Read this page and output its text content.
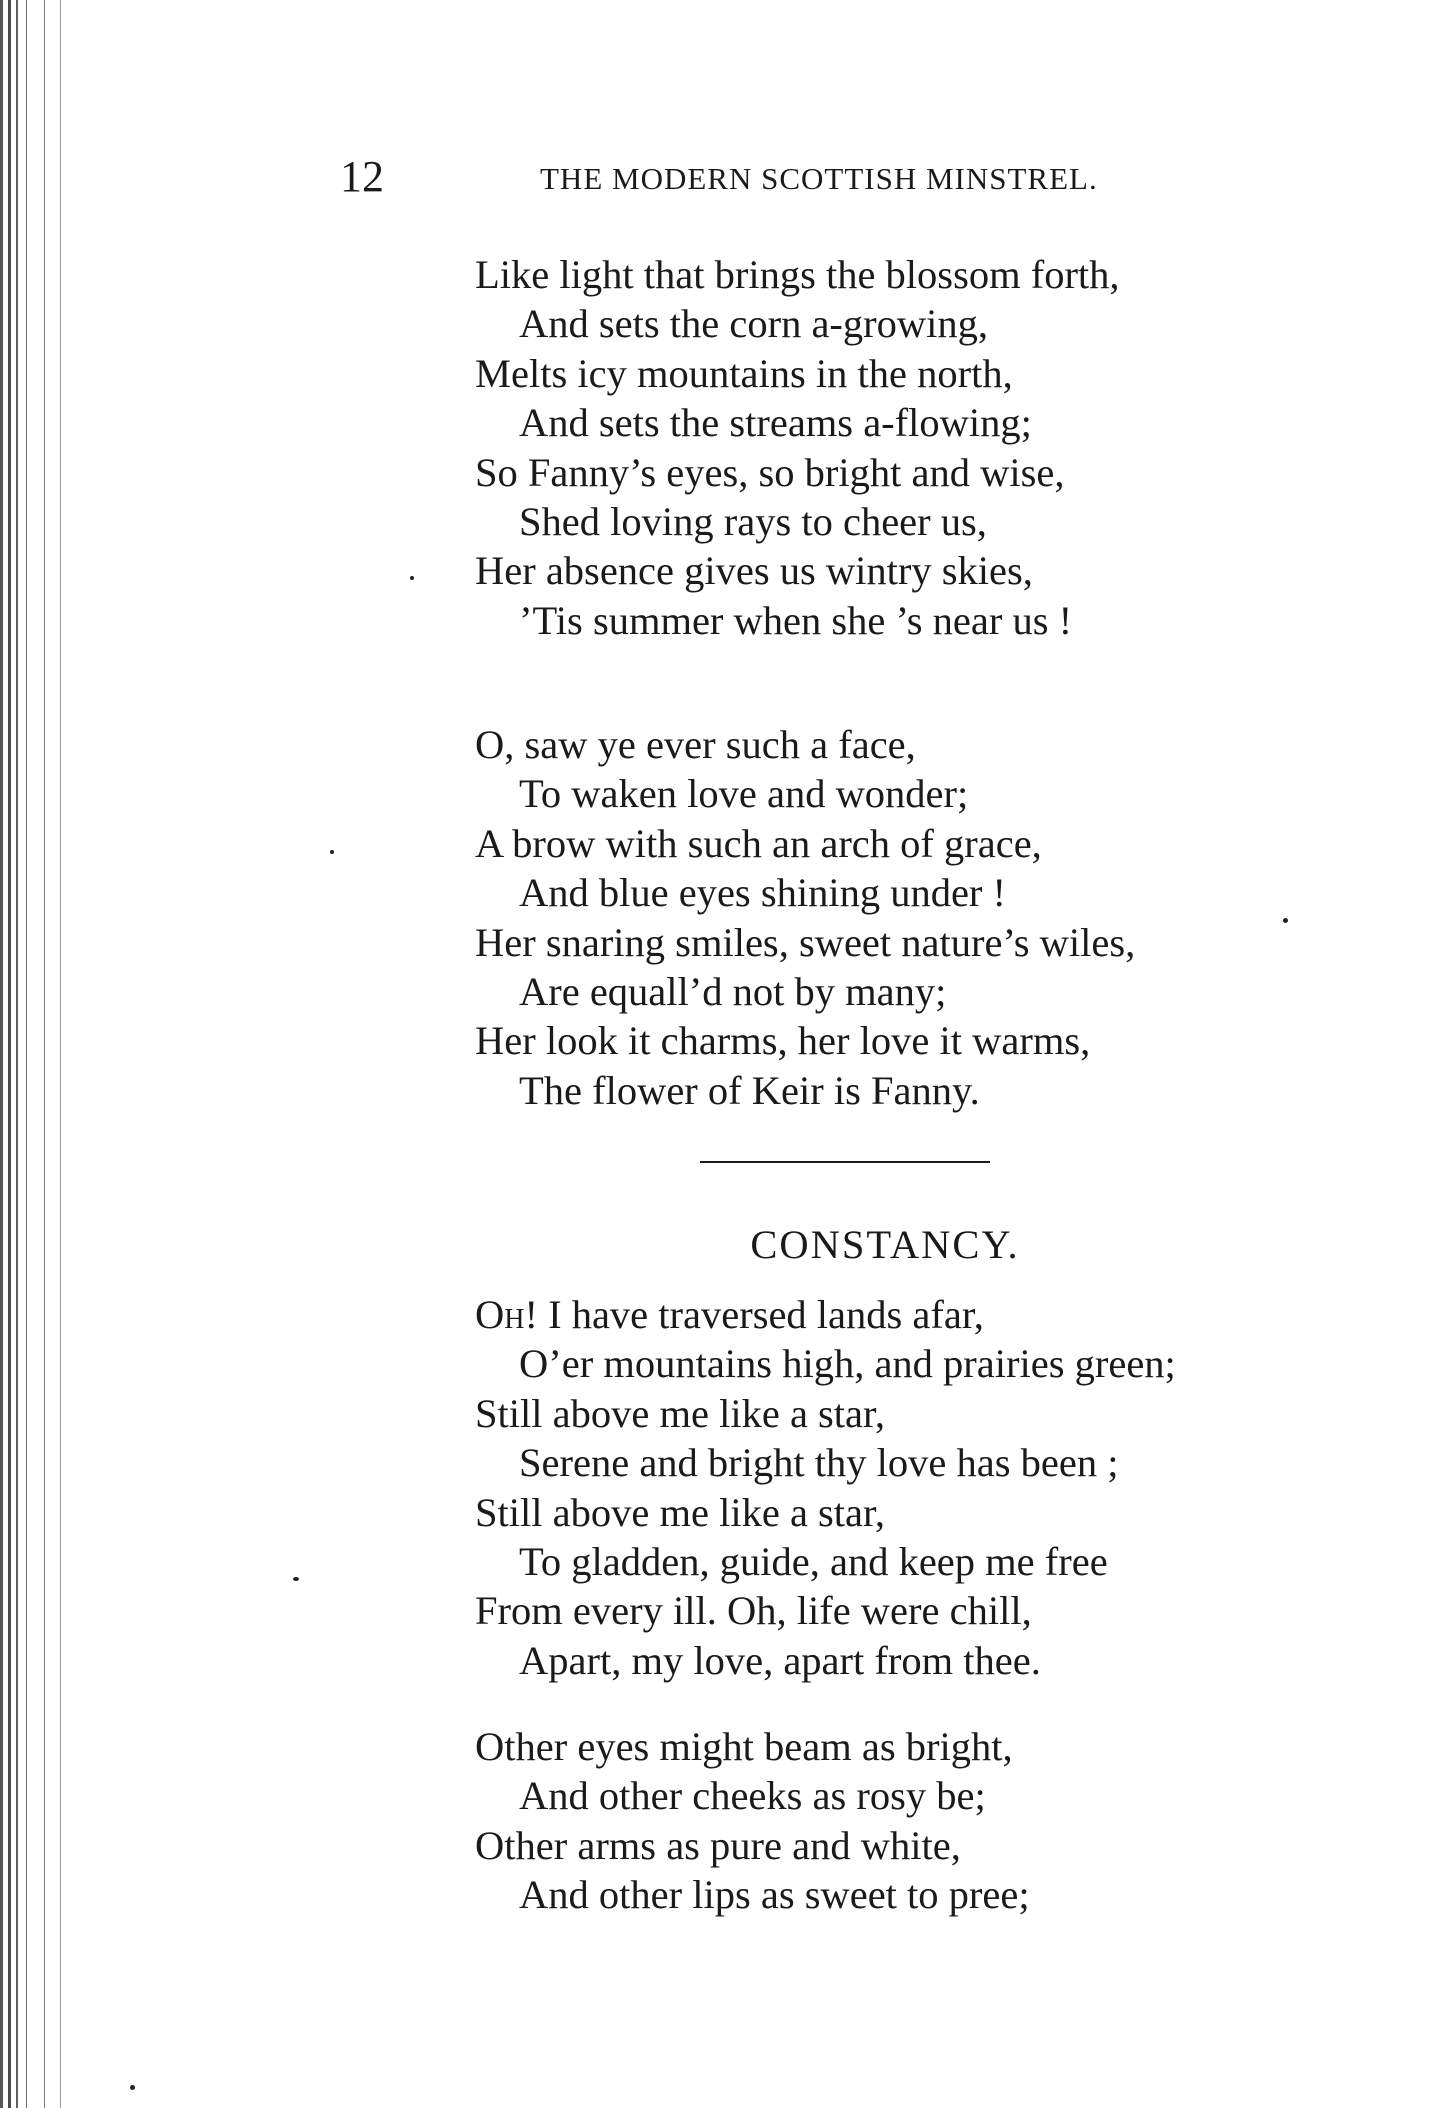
12	THE MODERN SCOTTISH MINSTREL.
Like light that brings the blossom forth,
And sets the corn a-growing,
Melts icy mountains in the north,
And sets the streams a-flowing;
So Fanny’s eyes, so bright and wise,
Shed loving rays to cheer us,
Her absence gives us wintry skies,
’Tis summer when she ’s near us !
O, saw ye ever such a face,
To waken love and wonder;
A brow with such an arch of grace,
And blue eyes shining under !
Her snaring smiles, sweet nature’s wiles,
Are equall’d not by many;
Her look it charms, her love it warms,
The flower of Keir is Fanny.
CONSTANCY.
Oh! I have traversed lands afar,
O’er mountains high, and prairies green;
Still above me like a star,
Serene and bright thy love has been ;
Still above me like a star,
To gladden, guide, and keep me free
From every ill. Oh, life were chill,
Apart, my love, apart from thee.
Other eyes might beam as bright,
And other cheeks as rosy be;
Other arms as pure and white,
And other lips as sweet to pree;
